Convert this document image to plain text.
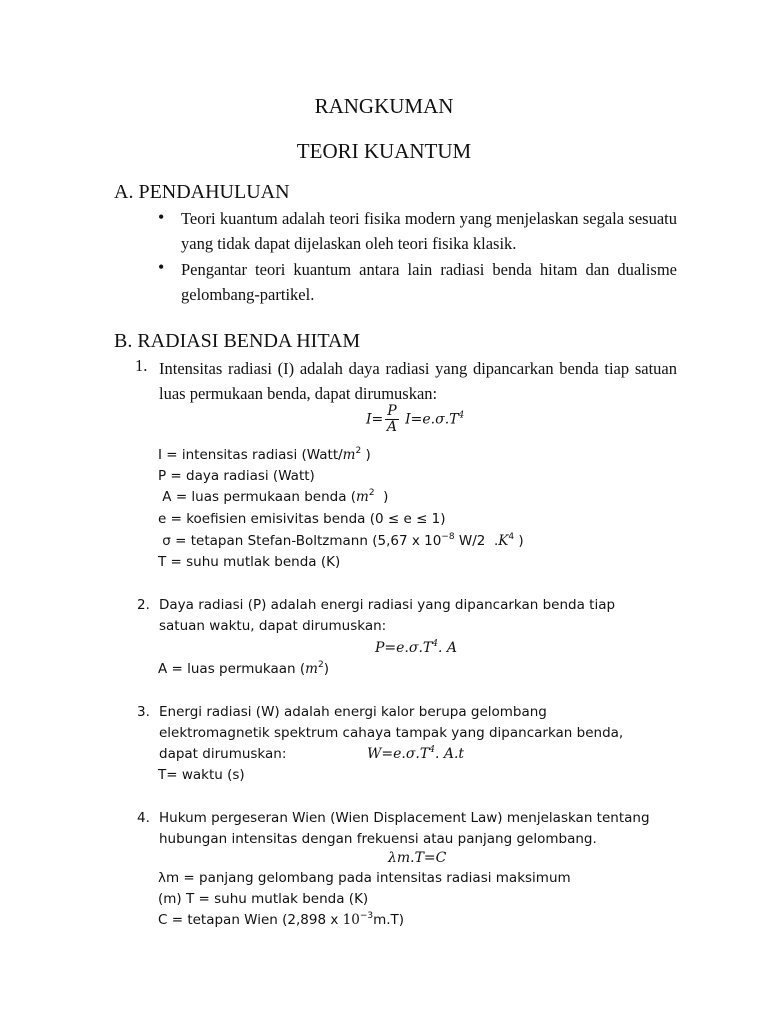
RANGKUMAN
TEORI KUANTUM
A. PENDAHULUAN
• Teori kuantum adalah teori fisika modern yang menjelaskan segala sesuatu yang tidak dapat dijelaskan oleh teori fisika klasik.
• Pengantar teori kuantum antara lain radiasi benda hitam dan dualisme gelombang-partikel.
B. RADIASI BENDA HITAM
1. Intensitas radiasi (I) adalah daya radiasi yang dipancarkan benda tiap satuan luas permukaan benda, dapat dirumuskan:
$I= \frac{P}{A} I=e.\sigma.T^4$
I = intensitas radiasi ($Watt/m^2$ )
P = daya radiasi (Watt)
A = luas permukaan benda ($m^2$  )
e = koefisien emisivitas benda (0 ≤ e ≤ 1)
σ = tetapan Stefan-Boltzmann (5,67 x $10^{-8}$ W/2  $.K^4$ )
T = suhu mutlak benda (K)
2. Daya radiasi (P) adalah energi radiasi yang dipancarkan benda tiap satuan waktu, dapat dirumuskan:
$P=e.\sigma.T^4$. A
A = luas permukaan $(m^2)$
3. Energi radiasi (W) adalah energi kalor berupa gelombang elektromagnetik spektrum cahaya tampak yang dipancarkan benda, dapat dirumuskan:	$W=e.\sigma.T^4$. A.t
T= waktu (s)
4. Hukum pergeseran Wien (Wien Displacement Law) menjelaskan tentang hubungan intensitas dengan frekuensi atau panjang gelombang.
λm.T=C
λm = panjang gelombang pada intensitas radiasi maksimum
(m) T = suhu mutlak benda (K)
C = tetapan Wien (2,898 x $10^{-3}m.T$)
